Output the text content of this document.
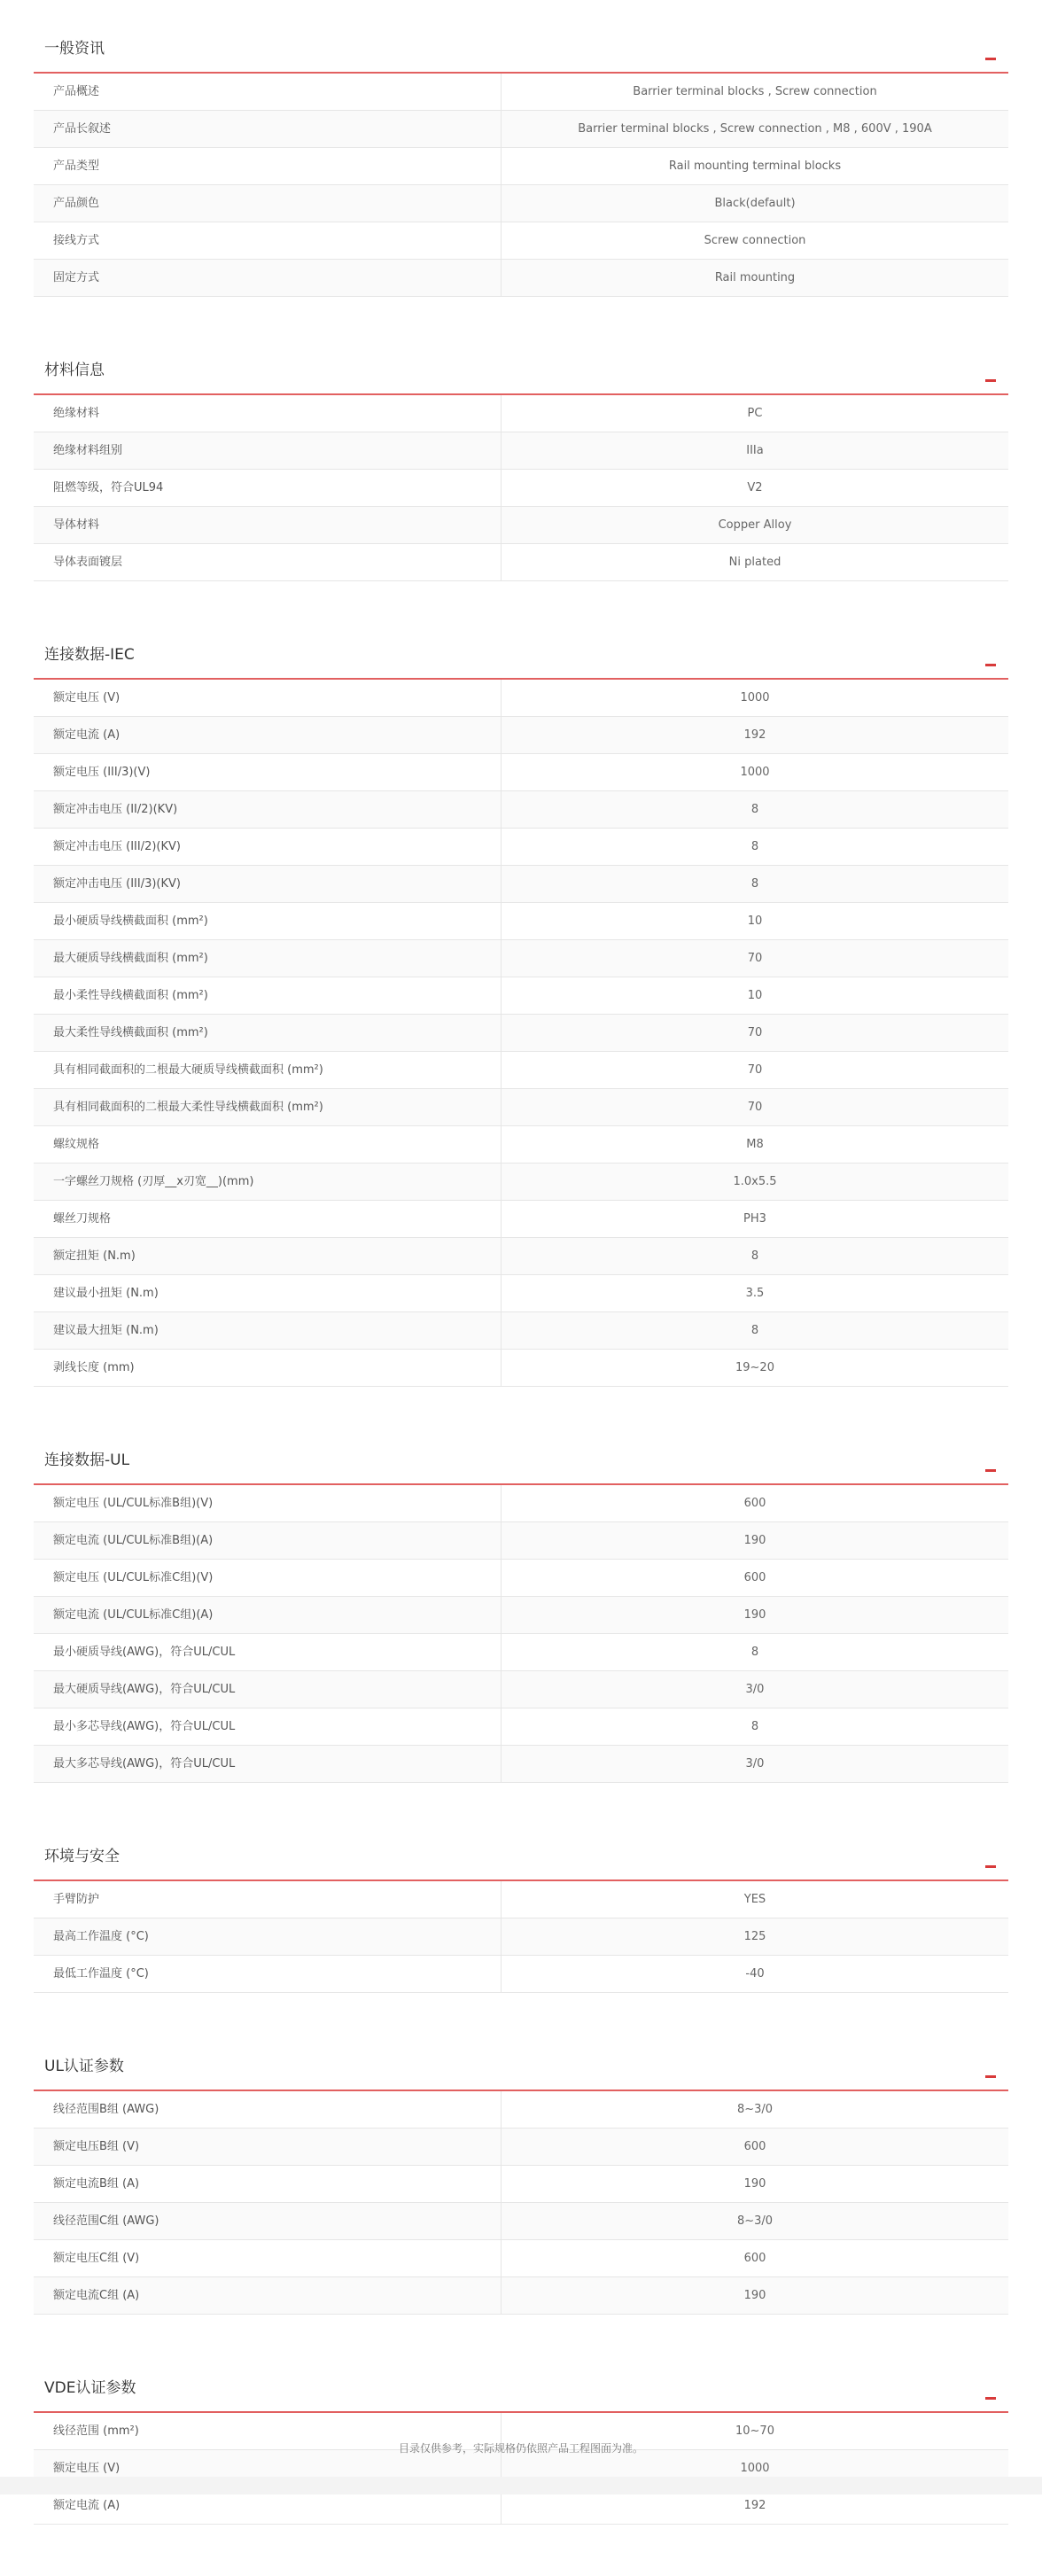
一般资讯
产品概述	Barrier terminal blocks , Screw connection
产品长叙述	Barrier terminal blocks , Screw connection , M8 , 600V , 190A
产品类型	Rail mounting terminal blocks
产品颜色	Black(default)
接线方式	Screw connection
固定方式	Rail mounting
材料信息
绝缘材料	PC
绝缘材料组别	IIIa
阻燃等级，符合UL94	V2
导体材料	Copper Alloy
导体表面镀层	Ni plated
连接数据-IEC
额定电压 (V)	1000
额定电流 (A)	192
额定电压 (III/3)(V)	1000
额定冲击电压 (II/2)(KV)	8
额定冲击电压 (III/2)(KV)	8
额定冲击电压 (III/3)(KV)	8
最小硬质导线横截面积 (mm²)	10
最大硬质导线横截面积 (mm²)	70
最小柔性导线横截面积 (mm²)	10
最大柔性导线横截面积 (mm²)	70
具有相同截面积的二根最大硬质导线横截面积 (mm²)	70
具有相同截面积的二根最大柔性导线横截面积 (mm²)	70
螺纹规格	M8
一字螺丝刀规格 (刃厚__x刃宽__)(mm)	1.0x5.5
螺丝刀规格	PH3
额定扭矩 (N.m)	8
建议最小扭矩 (N.m)	3.5
建议最大扭矩 (N.m)	8
剥线长度 (mm)	19~20
连接数据-UL
额定电压 (UL/CUL标准B组)(V)	600
额定电流 (UL/CUL标准B组)(A)	190
额定电压 (UL/CUL标准C组)(V)	600
额定电流 (UL/CUL标准C组)(A)	190
最小硬质导线(AWG)，符合UL/CUL	8
最大硬质导线(AWG)，符合UL/CUL	3/0
最小多芯导线(AWG)，符合UL/CUL	8
最大多芯导线(AWG)，符合UL/CUL	3/0
环境与安全
手臂防护	YES
最高工作温度 (°C)	125
最低工作温度 (°C)	-40
UL认证参数
线径范围B组 (AWG)	8~3/0
额定电压B组 (V)	600
额定电流B组 (A)	190
线径范围C组 (AWG)	8~3/0
额定电压C组 (V)	600
额定电流C组 (A)	190
VDE认证参数
线径范围 (mm²)	10~70
额定电压 (V)	1000
额定电流 (A)	192
目录仅供参考，实际规格仍依照产品工程图面为准。
